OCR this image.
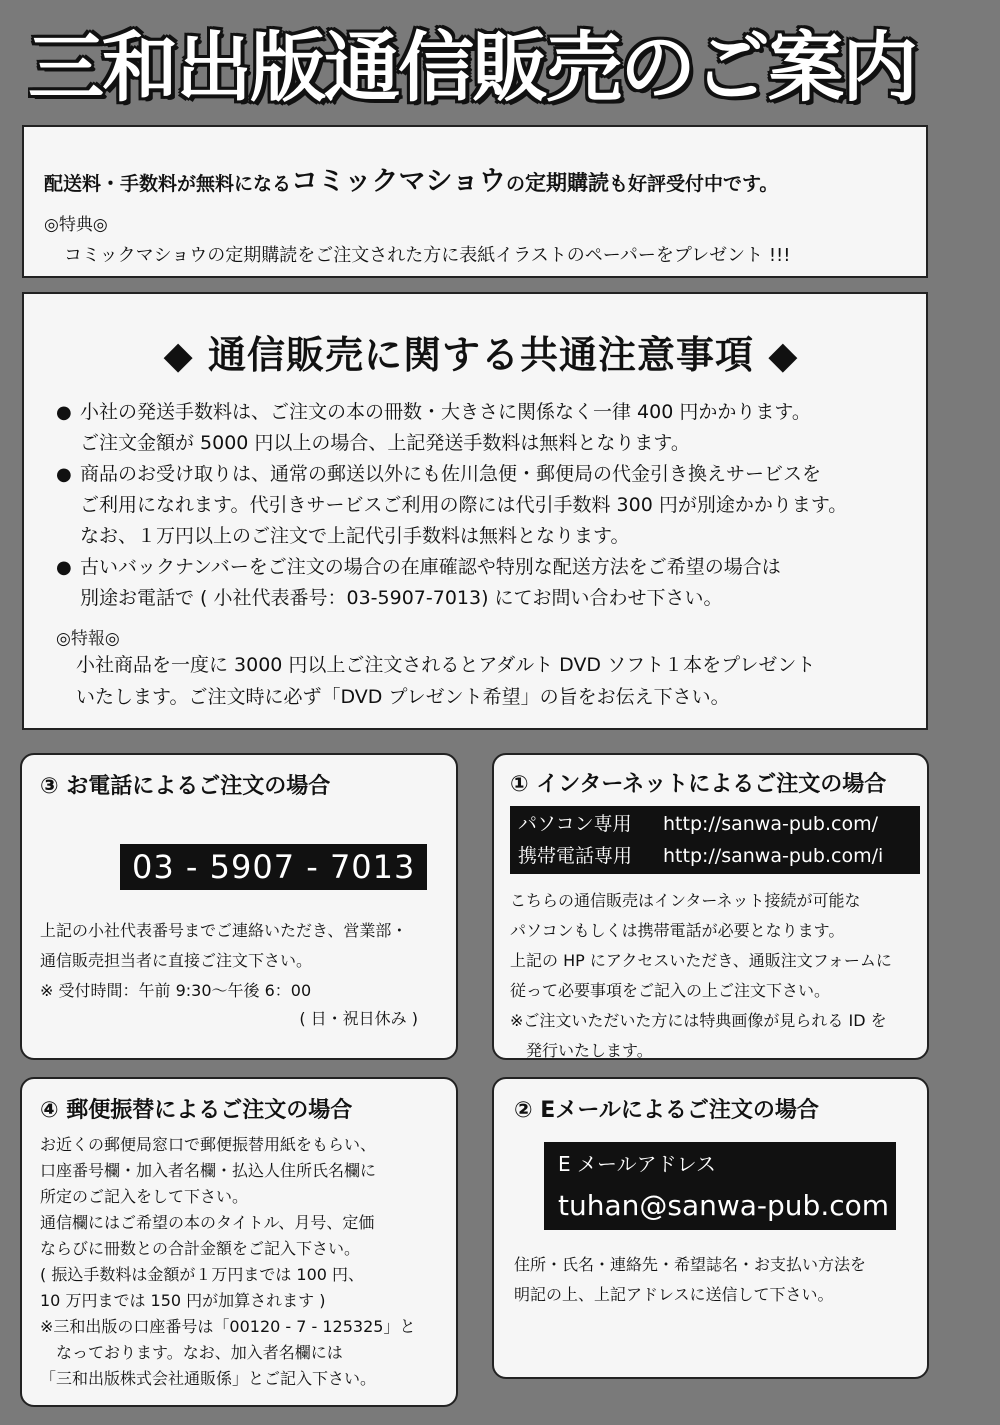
三和出版通信販売のご案内
配送料・手数料が無料になるコミックマショウの定期購読も好評受付中です。
◎特典◎
コミックマショウの定期購読をご注文された方に表紙イラストのペーパーをプレゼント !!!
◆ 通信販売に関する共通注意事項 ◆
● 小社の発送手数料は、ご注文の本の冊数・大きさに関係なく一律 400 円かかります。
ご注文金額が 5000 円以上の場合、上記発送手数料は無料となります。
● 商品のお受け取りは、通常の郵送以外にも佐川急便・郵便局の代金引き換えサービスを
ご利用になれます。代引きサービスご利用の際には代引手数料 300 円が別途かかります。
なお、１万円以上のご注文で上記代引手数料は無料となります。
● 古いバックナンバーをご注文の場合の在庫確認や特別な配送方法をご希望の場合は
別途お電話で ( 小社代表番号：03-5907-7013) にてお問い合わせ下さい。
◎特報◎
小社商品を一度に 3000 円以上ご注文されるとアダルト DVD ソフト１本をプレゼント
いたします。ご注文時に必ず「DVD プレゼント希望」の旨をお伝え下さい。
③ お電話によるご注文の場合
03 - 5907 - 7013
上記の小社代表番号までご連絡いただき、営業部・
通信販売担当者に直接ご注文下さい。
※ 受付時間：午前 9:30〜午後 6：00
( 日・祝日休み )
① インターネットによるご注文の場合
パソコン専用	http://sanwa-pub.com/
携帯電話専用	http://sanwa-pub.com/i
こちらの通信販売はインターネット接続が可能な
パソコンもしくは携帯電話が必要となります。
上記の HP にアクセスいただき、通販注文フォームに
従って必要事項をご記入の上ご注文下さい。
※ご注文いただいた方には特典画像が見られる ID を
　発行いたします。
④ 郵便振替によるご注文の場合
お近くの郵便局窓口で郵便振替用紙をもらい、
口座番号欄・加入者名欄・払込人住所氏名欄に
所定のご記入をして下さい。
通信欄にはご希望の本のタイトル、月号、定価
ならびに冊数との合計金額をご記入下さい。
( 振込手数料は金額が１万円までは 100 円、
10 万円までは 150 円が加算されます )
※三和出版の口座番号は「00120 - 7 - 125325」と
　なっております。なお、加入者名欄には
「三和出版株式会社通販係」とご記入下さい。
② Eメールによるご注文の場合
E メールアドレス
tuhan@sanwa-pub.com
住所・氏名・連絡先・希望誌名・お支払い方法を
明記の上、上記アドレスに送信して下さい。
